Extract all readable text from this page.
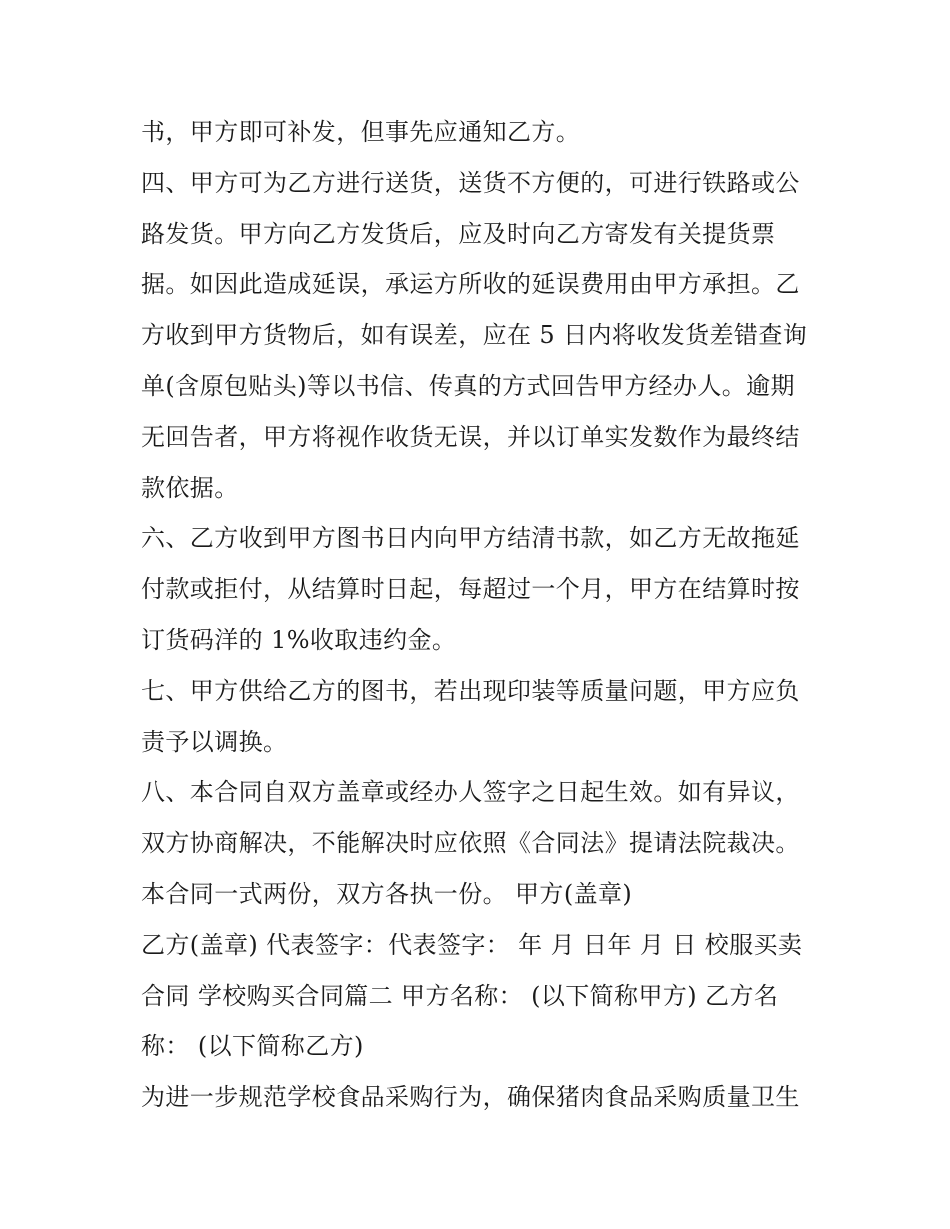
书，甲方即可补发，但事先应通知乙方。
四、甲方可为乙方进行送货，送货不方便的，可进行铁路或公
路发货。甲方向乙方发货后，应及时向乙方寄发有关提货票
据。如因此造成延误，承运方所收的延误费用由甲方承担。乙
方收到甲方货物后，如有误差，应在 5 日内将收发货差错查询
单(含原包贴头)等以书信、传真的方式回告甲方经办人。逾期
无回告者，甲方将视作收货无误，并以订单实发数作为最终结
款依据。
六、乙方收到甲方图书日内向甲方结清书款，如乙方无故拖延
付款或拒付，从结算时日起，每超过一个月，甲方在结算时按
订货码洋的 1%收取违约金。
七、甲方供给乙方的图书，若出现印装等质量问题，甲方应负
责予以调换。
八、本合同自双方盖章或经办人签字之日起生效。如有异议，
双方协商解决，不能解决时应依照《合同法》提请法院裁决。
本合同一式两份，双方各执一份。 甲方(盖章)
乙方(盖章) 代表签字：代表签字： 年 月 日年 月 日 校服买卖
合同 学校购买合同篇二 甲方名称： (以下简称甲方) 乙方名
称： (以下简称乙方)
为进一步规范学校食品采购行为，确保猪肉食品采购质量卫生
